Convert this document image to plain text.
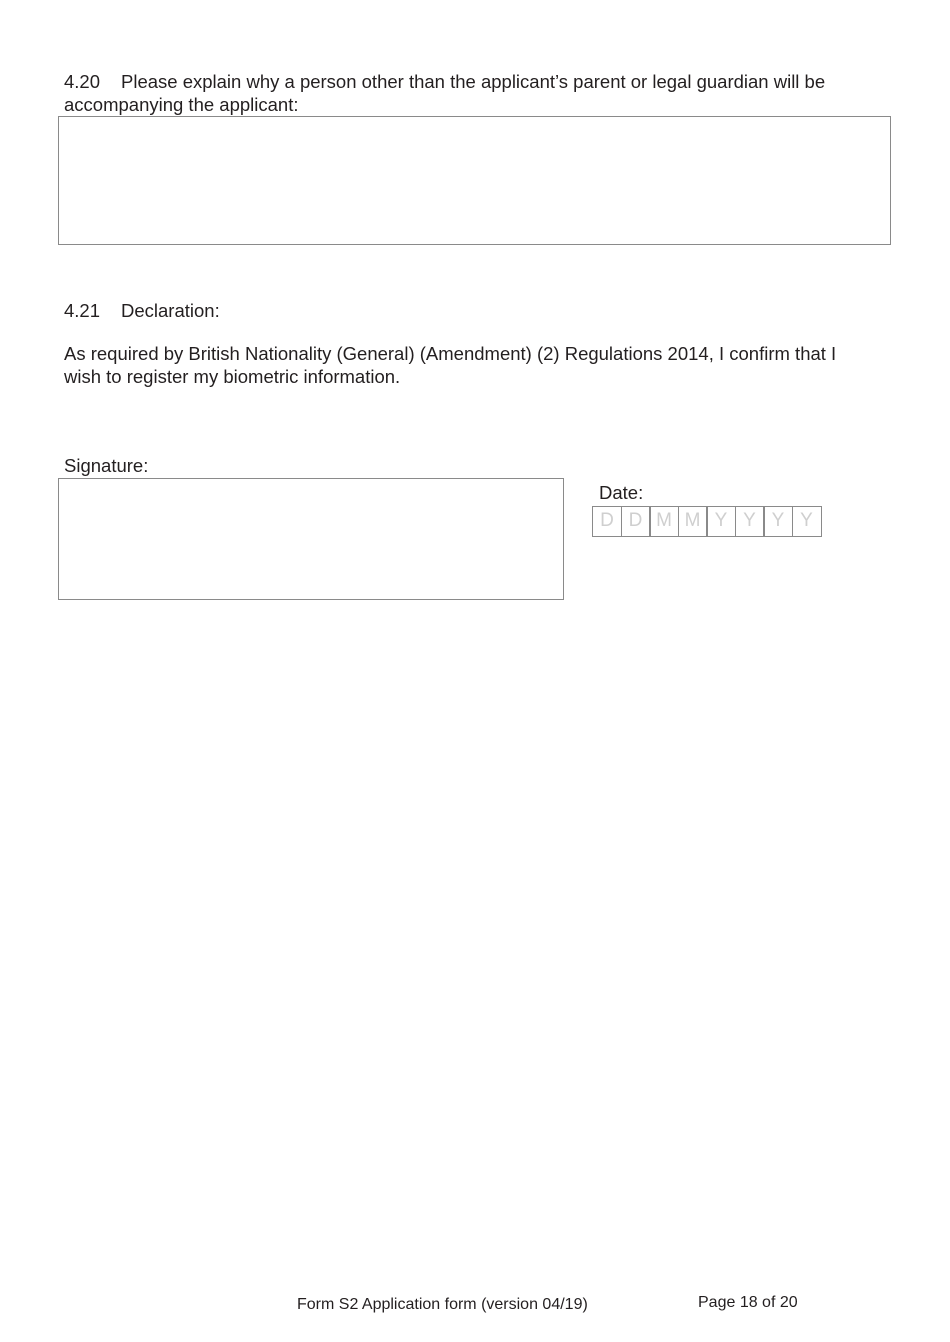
4.20 Please explain why a person other than the applicant’s parent or legal guardian will be
accompanying the applicant:
4.21 Declaration:
As required by British Nationality (General) (Amendment) (2) Regulations 2014, I confirm that I
wish to register my biometric information.
Signature:
Date:
D D M M Y Y Y Y
Form S2 Application form (version 04/19)	Page 18 of 20
